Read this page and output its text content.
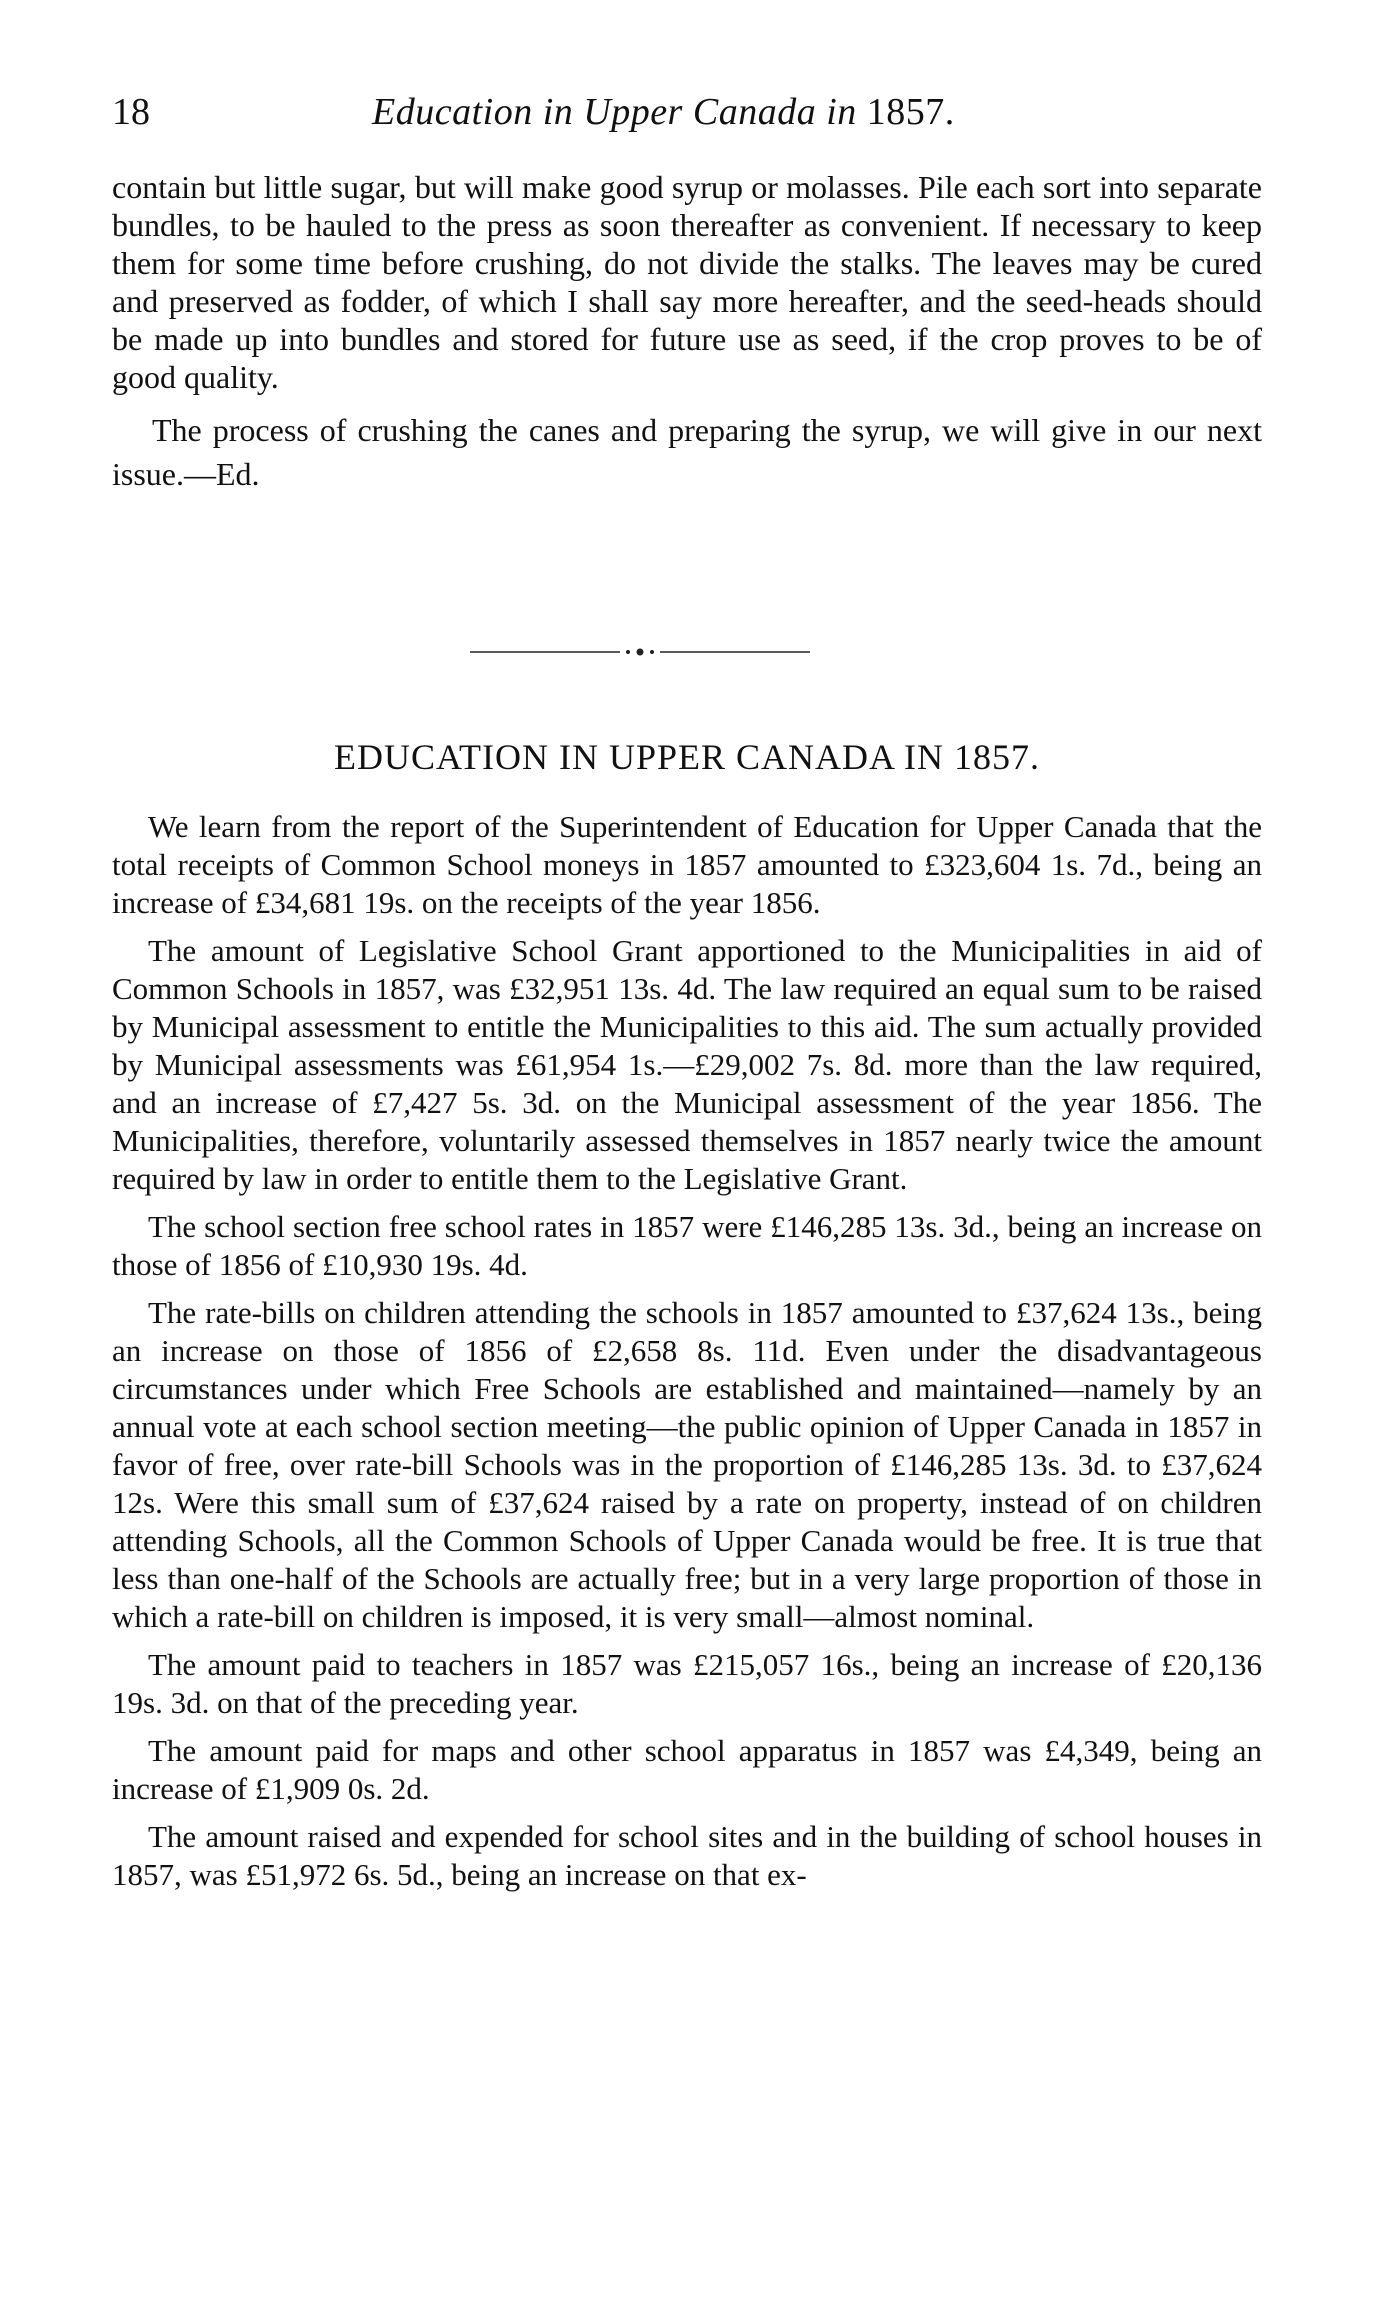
18	Education in Upper Canada in 1857.

contain but little sugar, but will make good syrup or molasses. Pile each sort into separate bundles, to be hauled to the press as soon thereafter as convenient. If necessary to keep them for some time before crushing, do not divide the stalks. The leaves may be cured and preserved as fodder, of which I shall say more hereafter, and the seed-heads should be made up into bundles and stored for future use as seed, if the crop proves to be of good quality.

The process of crushing the canes and preparing the syrup, we will give in our next issue.—Ed.

EDUCATION IN UPPER CANADA IN 1857.

We learn from the report of the Superintendent of Education for Upper Canada that the total receipts of Common School moneys in 1857 amounted to £323,604 1s. 7d., being an increase of £34,681 19s. on the receipts of the year 1856.

The amount of Legislative School Grant apportioned to the Municipalities in aid of Common Schools in 1857, was £32,951 13s. 4d. The law required an equal sum to be raised by Municipal assessment to entitle the Municipalities to this aid. The sum actually provided by Municipal assessments was £61,954 1s.—£29,002 7s. 8d. more than the law required, and an increase of £7,427 5s. 3d. on the Municipal assessment of the year 1856. The Municipalities, therefore, voluntarily assessed themselves in 1857 nearly twice the amount required by law in order to entitle them to the Legislative Grant.

The school section free school rates in 1857 were £146,285 13s. 3d., being an increase on those of 1856 of £10,930 19s. 4d.

The rate-bills on children attending the schools in 1857 amounted to £37,624 13s., being an increase on those of 1856 of £2,658 8s. 11d. Even under the disadvantageous circumstances under which Free Schools are established and maintained—namely by an annual vote at each school section meeting—the public opinion of Upper Canada in 1857 in favor of free, over rate-bill Schools was in the proportion of £146,285 13s. 3d. to £37,624 12s. Were this small sum of £37,624 raised by a rate on property, instead of on children attending Schools, all the Common Schools of Upper Canada would be free. It is true that less than one-half of the Schools are actually free; but in a very large proportion of those in which a rate-bill on children is imposed, it is very small—almost nominal.

The amount paid to teachers in 1857 was £215,057 16s., being an increase of £20,136 19s. 3d. on that of the preceding year.

The amount paid for maps and other school apparatus in 1857 was £4,349, being an increase of £1,909 0s. 2d.

The amount raised and expended for school sites and in the building of school houses in 1857, was £51,972 6s. 5d., being an increase on that ex-
